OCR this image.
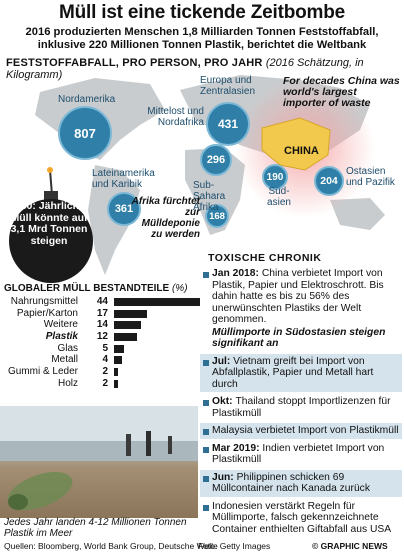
Müll ist eine tickende Zeitbombe
2016 produzierten Menschen 1,8 Milliarden Tonnen Feststoffabfall, inklusive 220 Millionen Tonnen Plastik, berichtet die Weltbank
FESTSTOFFABFALL, PRO PERSON, PRO JAHR (2016 Schätzung, in Kilogramm)
807
Nordamerika
431
Europa und Zentralasien
296
Mittelost und Nordafrika
361
Lateinamerika und Karibik
168
Sub-Sahara Afrika
190
Süd-asien
204
Ostasien und Pazifik
CHINA
For decades China was world's largest importer of waste
Afrika fürchtet zur Mülldeponie zu werden
2050: Jährlicher Müll könnte auf 3,1 Mrd Tonnen steigen
GLOBALER MÜLL BESTANDTEILE (%)
Nahrungsmittel	44
Papier/Karton	17
Weitere	14
Plastik	12
Glas	5
Metall	4
Gummi & Leder	2
Holz	2
Jedes Jahr landen 4-12 Millionen Tonnen Plastik im Meer
Quellen: Bloomberg, World Bank Group, Deutsche Welle
Foto: Getty Images	© GRAPHIC NEWS
TOXISCHE CHRONIK
Jan 2018: China verbietet Import von Plastik, Papier und Elektroschrott. Bis dahin hatte es bis zu 56% des unerwünschten Plastiks der Welt genommen.
Müllimporte in Südostasien steigen signifikant an
Jul: Vietnam greift bei Import von Abfallplastik, Papier und Metall hart durch
Okt: Thailand stoppt Importlizenzen für Plastikmüll
Malaysia verbietet Import von Plastikmüll
Mar 2019: Indien verbietet Import von Plastikmüll
Jun: Philippinen schicken 69 Müllcontainer nach Kanada zurück
Indonesien verstärkt Regeln für Müllimporte, falsch gekennzeichnete Container enthielten Giftabfall aus USA
